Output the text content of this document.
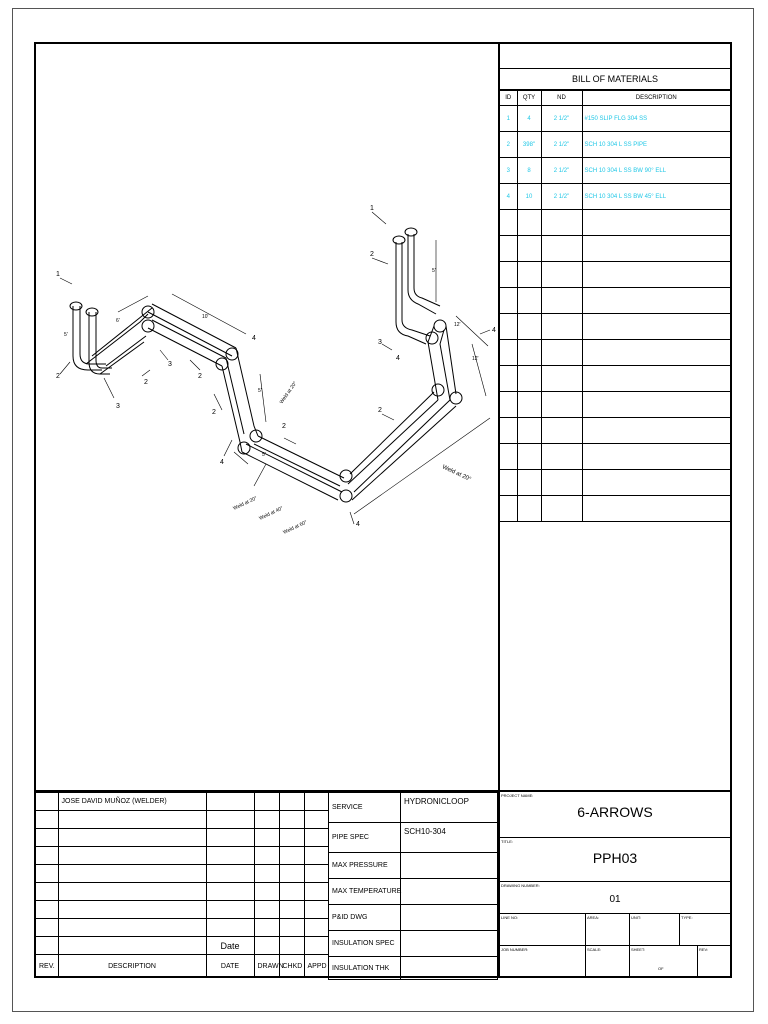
1
2
3
2
3
2
2
4
4
2
4
2
1
2
3
4
4
5'
6'
10'
5'
5'
12'
12'
5'
Weld at 20°
Weld at 20°
Weld at 20°
Weld at 40°
Weld at 60°
BILL OF MATERIALS
ID	QTY	ND	DESCRIPTION
1	4	2 1/2"	#150 SLIP FLG 304 SS
2	398"	2 1/2"	SCH 10 304 L SS PIPE
3	8	2 1/2"	SCH 10 304 L SS BW 90° ELL
4	10	2 1/2"	SCH 10 304 L SS BW 45° ELL

	JOSE DAVID MUÑOZ (WELDER)				

		Date			
REV.	DESCRIPTION	DATE	DRAWN	CHKD	APPD
SERVICE	HYDRONICLOOP
PIPE SPEC	SCH10-304
MAX PRESSURE	
MAX TEMPERATURE	
P&ID DWG	
INSULATION SPEC	
INSULATION THK	
PROJECT NAME:
6-ARROWS
TITLE:
PPH03
DRAWING NUMBER:
01
LINE NO:	AREA:	UNIT:	TYPE:
JOB NUMBER:	SCALE:	SHEET:
OF
REV:
